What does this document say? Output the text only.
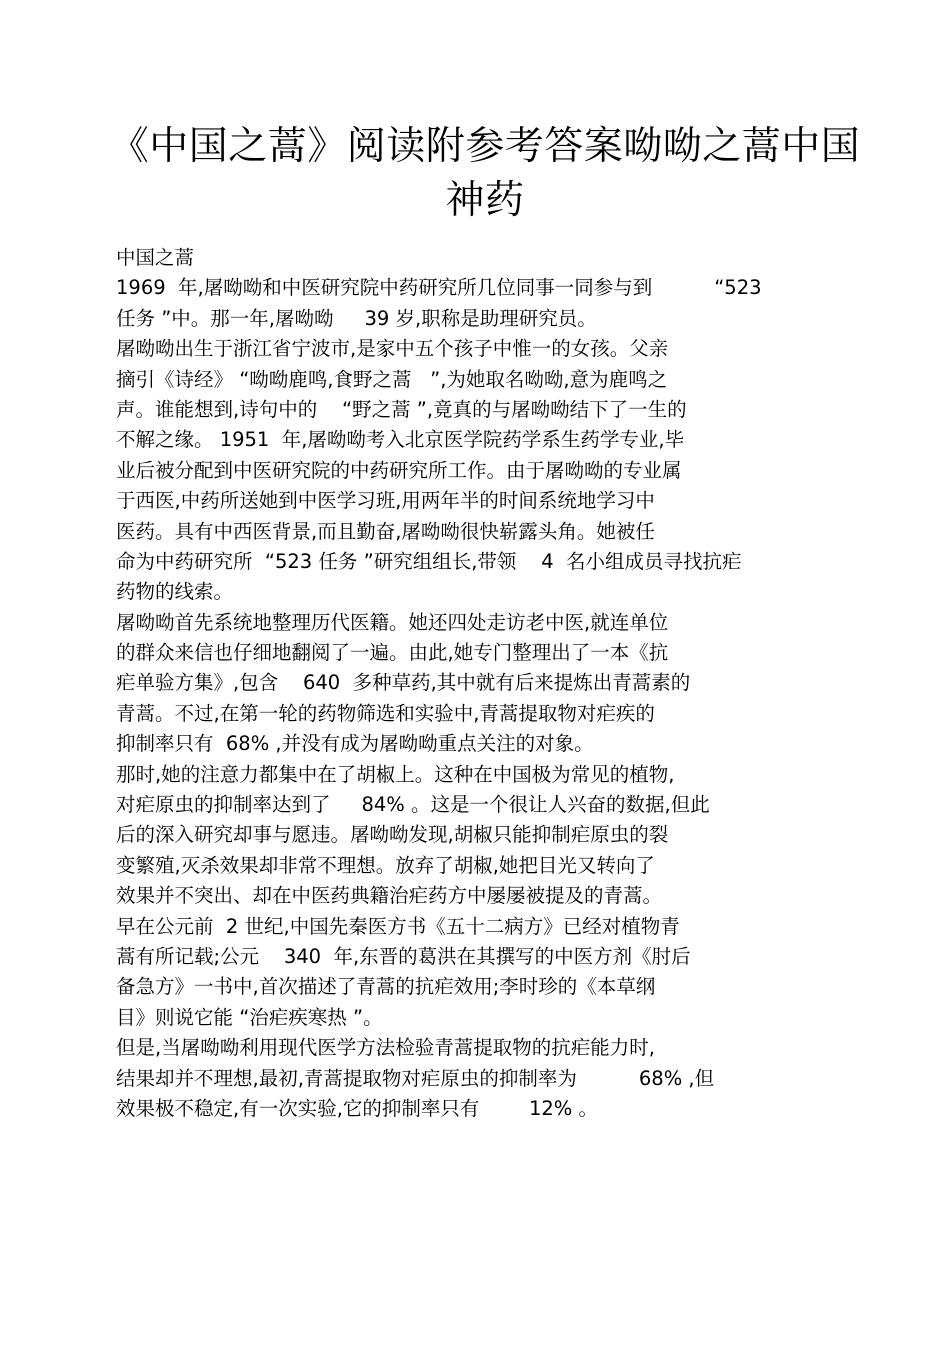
《中国之蒿》阅读附参考答案呦呦之蒿中国
神药
中国之蒿
1969  年,屠呦呦和中医研究院中药研究所几位同事一同参与到          “523
任务 ”中。那一年,屠呦呦     39 岁,职称是助理研究员。
屠呦呦出生于浙江省宁波市,是家中五个孩子中惟一的女孩。父亲
摘引《诗经》 “呦呦鹿鸣,食野之蒿   ”,为她取名呦呦,意为鹿鸣之
声。谁能想到,诗句中的    “野之蒿 ”,竟真的与屠呦呦结下了一生的
不解之缘。 1951  年,屠呦呦考入北京医学院药学系生药学专业,毕
业后被分配到中医研究院的中药研究所工作。由于屠呦呦的专业属
于西医,中药所送她到中医学习班,用两年半的时间系统地学习中
医药。具有中西医背景,而且勤奋,屠呦呦很快崭露头角。她被任
命为中药研究所  “523 任务 ”研究组组长,带领    4  名小组成员寻找抗疟
药物的线索。
屠呦呦首先系统地整理历代医籍。她还四处走访老中医,就连单位
的群众来信也仔细地翻阅了一遍。由此,她专门整理出了一本《抗
疟单验方集》,包含    640  多种草药,其中就有后来提炼出青蒿素的
青蒿。不过,在第一轮的药物筛选和实验中,青蒿提取物对疟疾的
抑制率只有  68% ,并没有成为屠呦呦重点关注的对象。
那时,她的注意力都集中在了胡椒上。这种在中国极为常见的植物,
对疟原虫的抑制率达到了     84% 。这是一个很让人兴奋的数据,但此
后的深入研究却事与愿违。屠呦呦发现,胡椒只能抑制疟原虫的裂
变繁殖,灭杀效果却非常不理想。放弃了胡椒,她把目光又转向了
效果并不突出、却在中医药典籍治疟药方中屡屡被提及的青蒿。
早在公元前  2 世纪,中国先秦医方书《五十二病方》已经对植物青
蒿有所记载;公元    340  年,东晋的葛洪在其撰写的中医方剂《肘后
备急方》一书中,首次描述了青蒿的抗疟效用;李时珍的《本草纲
目》则说它能 “治疟疾寒热 ”。
但是,当屠呦呦利用现代医学方法检验青蒿提取物的抗疟能力时,
结果却并不理想,最初,青蒿提取物对疟原虫的抑制率为          68% ,但
效果极不稳定,有一次实验,它的抑制率只有        12% 。
